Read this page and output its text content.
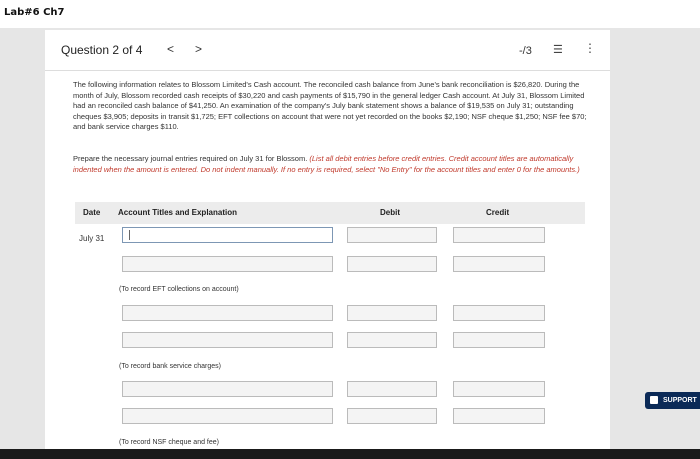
Lab#6 Ch7
Question 2 of 4 < >	-/3 ☰ ⋮
The following information relates to Blossom Limited's Cash account. The reconciled cash balance from June's bank reconciliation is $26,820. During the month of July, Blossom recorded cash receipts of $30,220 and cash payments of $15,790 in the general ledger Cash account. At July 31, Blossom Limited had an reconciled cash balance of $41,250. An examination of the company's July bank statement shows a balance of $19,535 on July 31; outstanding cheques $3,905; deposits in transit $1,725; EFT collections on account that were not yet recorded on the books $2,190; NSF cheque $1,250; NSF fee $70; and bank service charges $110.
Prepare the necessary journal entries required on July 31 for Blossom. (List all debit entries before credit entries. Credit account titles are automatically indented when the amount is entered. Do not indent manually. If no entry is required, select "No Entry" for the account titles and enter 0 for the amounts.)
Date Account Titles and Explanation	Debit	Credit
July 31
(To record EFT collections on account)
(To record bank service charges)
(To record NSF cheque and fee)
SUPPORT
